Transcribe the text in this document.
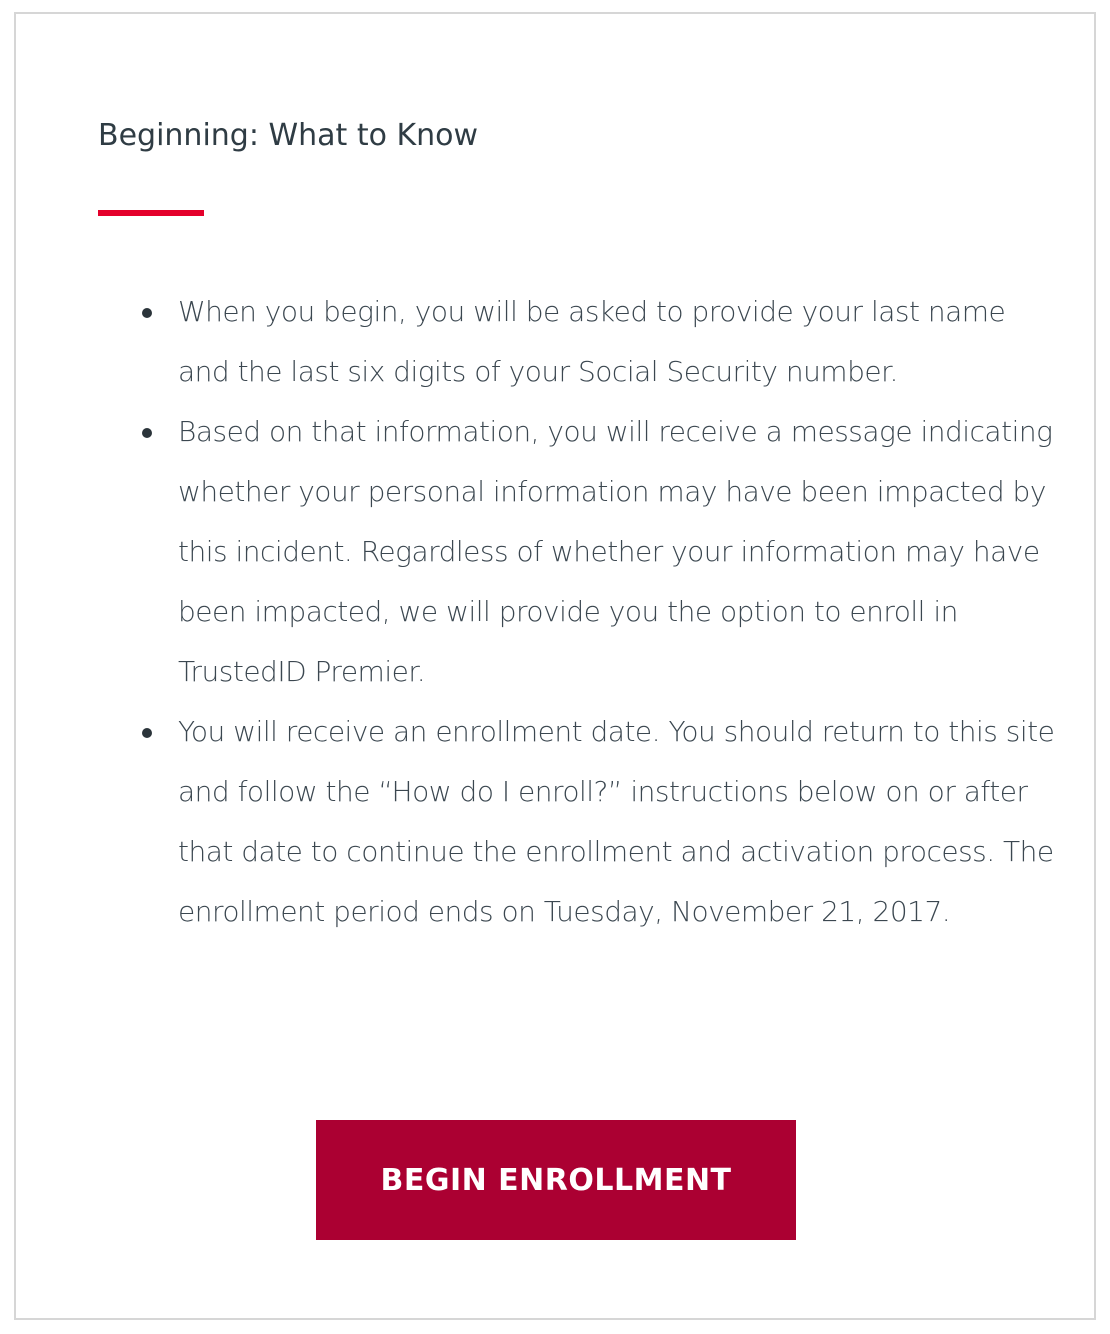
Beginning: What to Know
When you begin, you will be asked to provide your last name and the last six digits of your Social Security number.
Based on that information, you will receive a message indicating whether your personal information may have been impacted by this incident. Regardless of whether your information may have been impacted, we will provide you the option to enroll in TrustedID Premier.
You will receive an enrollment date. You should return to this site and follow the “How do I enroll?” instructions below on or after that date to continue the enrollment and activation process. The enrollment period ends on Tuesday, November 21, 2017.
BEGIN ENROLLMENT
